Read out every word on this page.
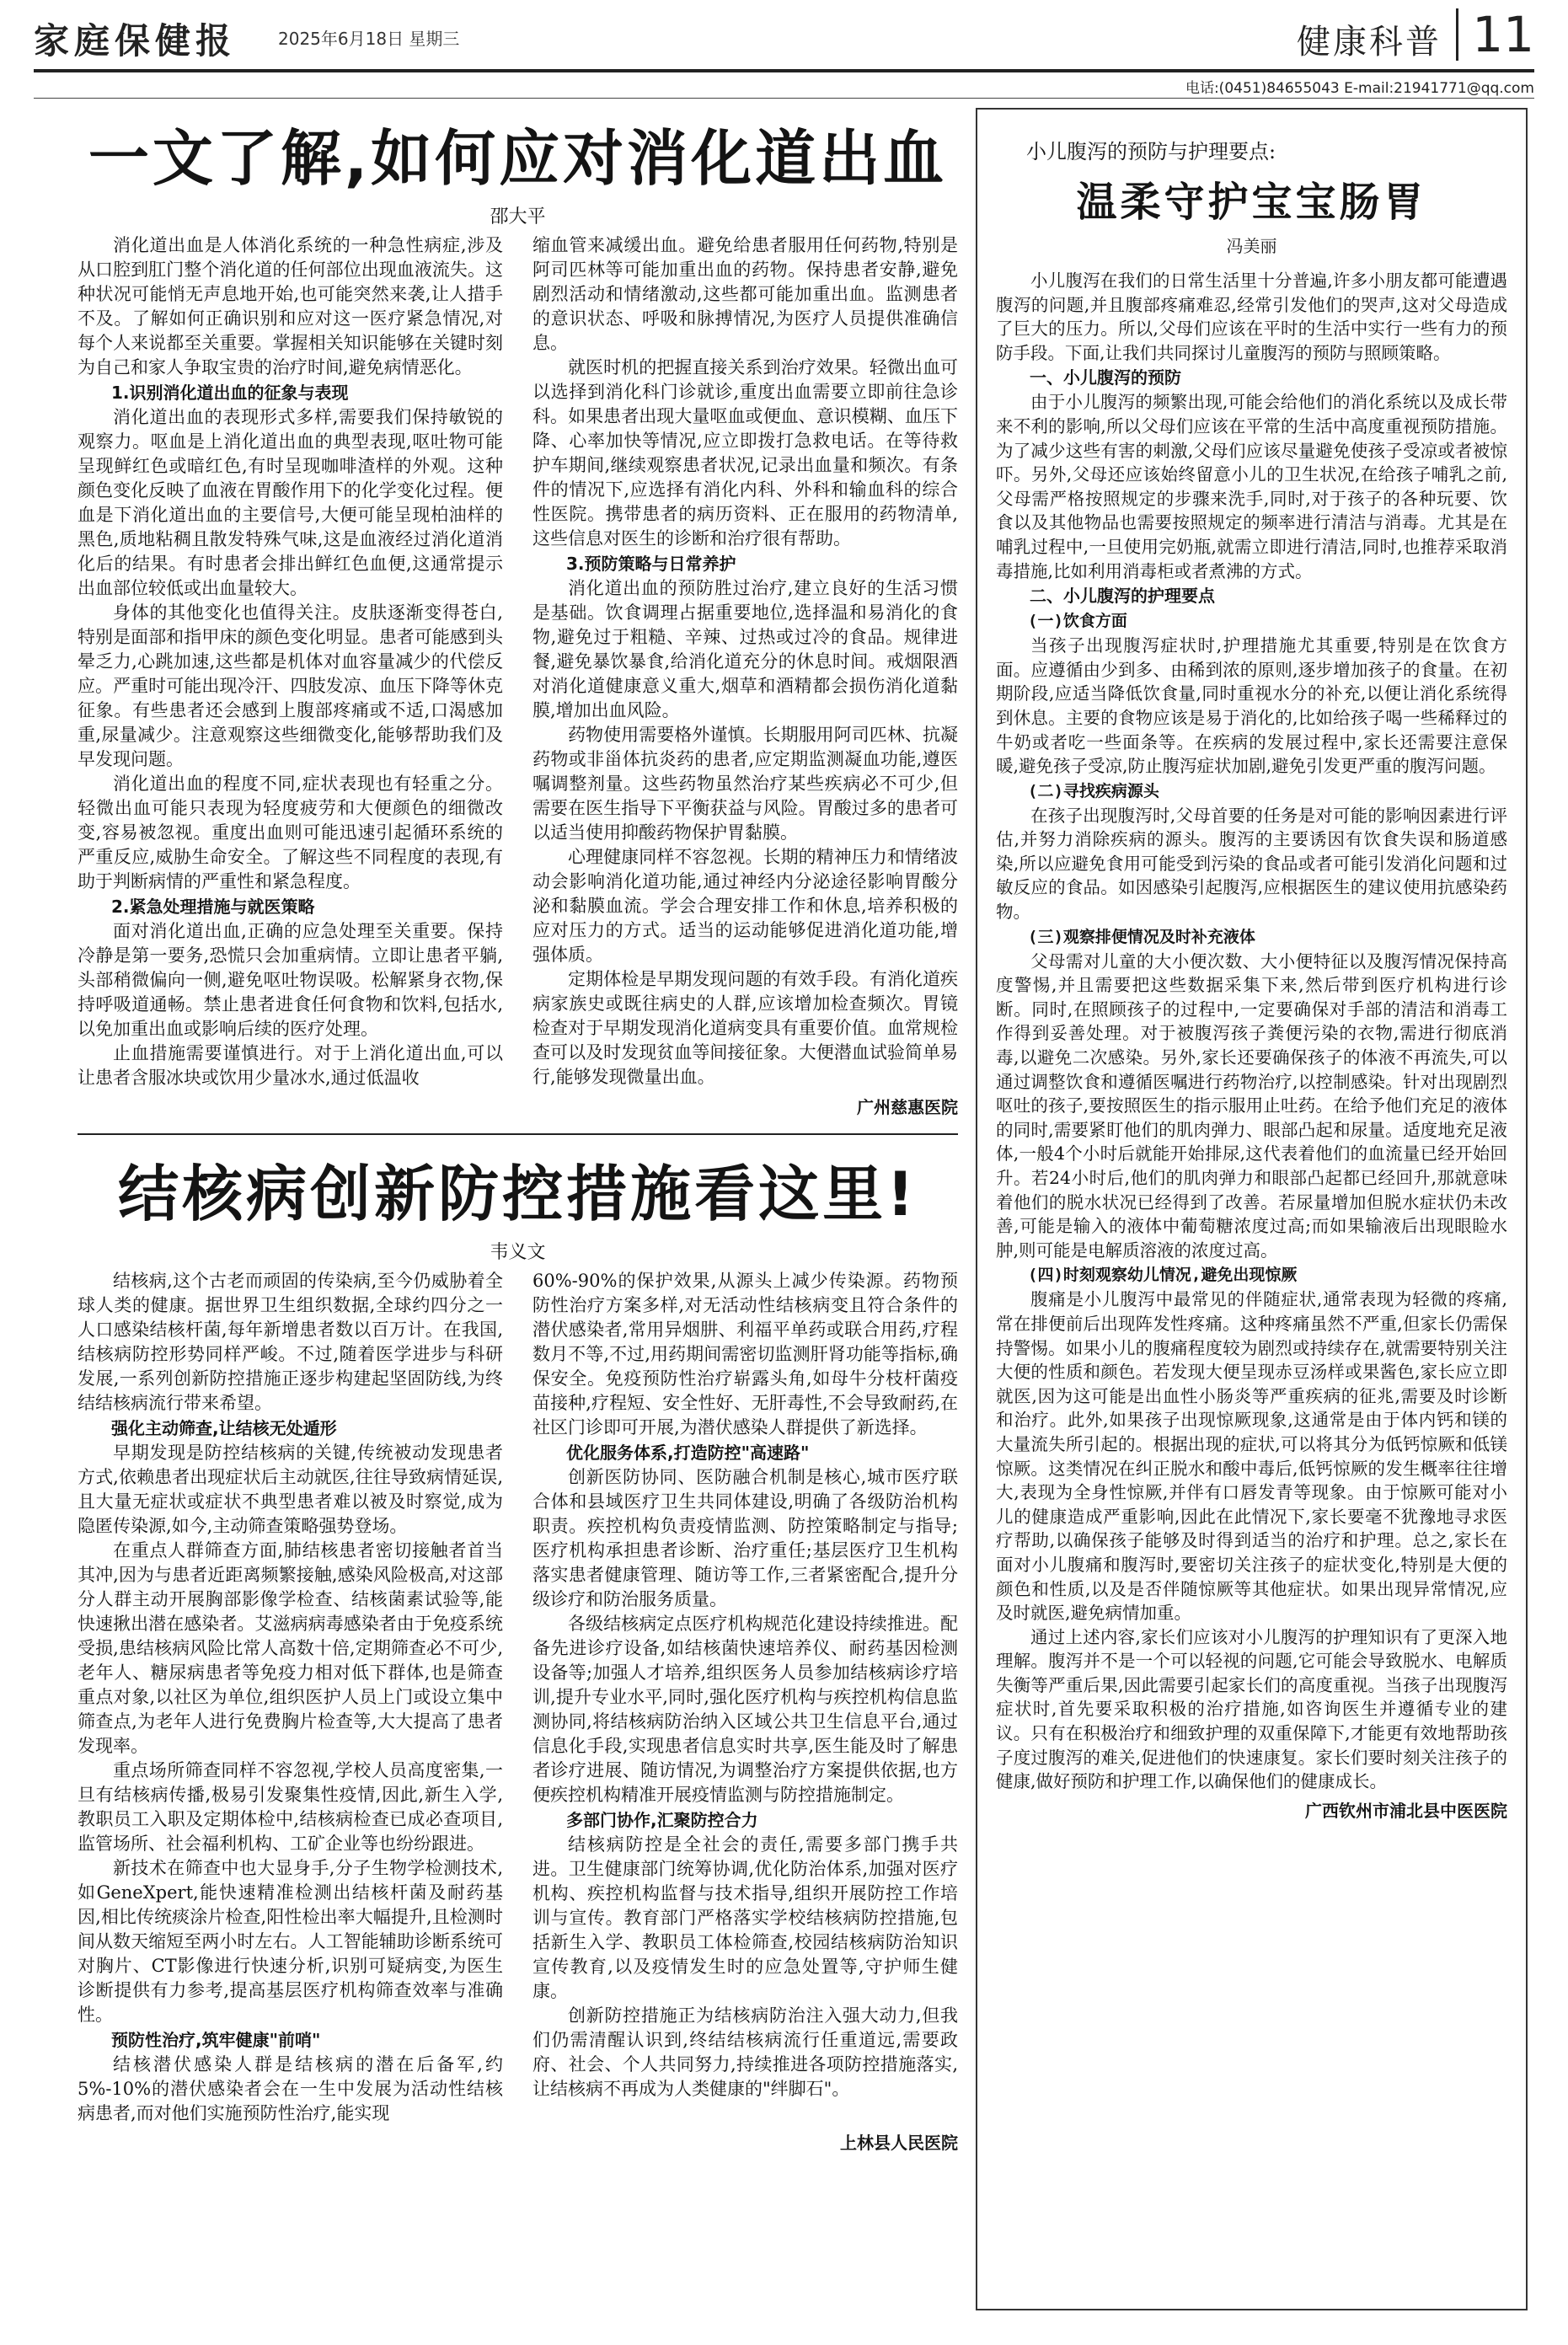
家庭保健报 2025年6月18日 星期三	健康科普 11
电话:(0451)84655043 E-mail:21941771@qq.com
一文了解,如何应对消化道出血
邵大平

消化道出血是人体消化系统的一种急性病症,涉及从口腔到肛门整个消化道的任何部位出现血液流失。这种状况可能悄无声息地开始,也可能突然来袭,让人措手不及。了解如何正确识别和应对这一医疗紧急情况,对每个人来说都至关重要。掌握相关知识能够在关键时刻为自己和家人争取宝贵的治疗时间,避免病情恶化。

1.识别消化道出血的征象与表现

消化道出血的表现形式多样,需要我们保持敏锐的观察力。呕血是上消化道出血的典型表现,呕吐物可能呈现鲜红色或暗红色,有时呈现咖啡渣样的外观。这种颜色变化反映了血液在胃酸作用下的化学变化过程。便血是下消化道出血的主要信号,大便可能呈现柏油样的黑色,质地粘稠且散发特殊气味,这是血液经过消化道消化后的结果。有时患者会排出鲜红色血便,这通常提示出血部位较低或出血量较大。

身体的其他变化也值得关注。皮肤逐渐变得苍白,特别是面部和指甲床的颜色变化明显。患者可能感到头晕乏力,心跳加速,这些都是机体对血容量减少的代偿反应。严重时可能出现冷汗、四肢发凉、血压下降等休克征象。有些患者还会感到上腹部疼痛或不适,口渴感加重,尿量减少。注意观察这些细微变化,能够帮助我们及早发现问题。

消化道出血的程度不同,症状表现也有轻重之分。轻微出血可能只表现为轻度疲劳和大便颜色的细微改变,容易被忽视。重度出血则可能迅速引起循环系统的严重反应,威胁生命安全。了解这些不同程度的表现,有助于判断病情的严重性和紧急程度。

2.紧急处理措施与就医策略

面对消化道出血,正确的应急处理至关重要。保持冷静是第一要务,恐慌只会加重病情。立即让患者平躺,头部稍微偏向一侧,避免呕吐物误吸。松解紧身衣物,保持呼吸道通畅。禁止患者进食任何食物和饮料,包括水,以免加重出血或影响后续的医疗处理。

止血措施需要谨慎进行。对于上消化道出血,可以让患者含服冰块或饮用少量冰水,通过低温收

缩血管来减缓出血。避免给患者服用任何药物,特别是阿司匹林等可能加重出血的药物。保持患者安静,避免剧烈活动和情绪激动,这些都可能加重出血。监测患者的意识状态、呼吸和脉搏情况,为医疗人员提供准确信息。

就医时机的把握直接关系到治疗效果。轻微出血可以选择到消化科门诊就诊,重度出血需要立即前往急诊科。如果患者出现大量呕血或便血、意识模糊、血压下降、心率加快等情况,应立即拨打急救电话。在等待救护车期间,继续观察患者状况,记录出血量和频次。有条件的情况下,应选择有消化内科、外科和输血科的综合性医院。携带患者的病历资料、正在服用的药物清单,这些信息对医生的诊断和治疗很有帮助。

3.预防策略与日常养护

消化道出血的预防胜过治疗,建立良好的生活习惯是基础。饮食调理占据重要地位,选择温和易消化的食物,避免过于粗糙、辛辣、过热或过冷的食品。规律进餐,避免暴饮暴食,给消化道充分的休息时间。戒烟限酒对消化道健康意义重大,烟草和酒精都会损伤消化道黏膜,增加出血风险。

药物使用需要格外谨慎。长期服用阿司匹林、抗凝药物或非甾体抗炎药的患者,应定期监测凝血功能,遵医嘱调整剂量。这些药物虽然治疗某些疾病必不可少,但需要在医生指导下平衡获益与风险。胃酸过多的患者可以适当使用抑酸药物保护胃黏膜。

心理健康同样不容忽视。长期的精神压力和情绪波动会影响消化道功能,通过神经内分泌途径影响胃酸分泌和黏膜血流。学会合理安排工作和休息,培养积极的应对压力的方式。适当的运动能够促进消化道功能,增强体质。

定期体检是早期发现问题的有效手段。有消化道疾病家族史或既往病史的人群,应该增加检查频次。胃镜检查对于早期发现消化道病变具有重要价值。血常规检查可以及时发现贫血等间接征象。大便潜血试验简单易行,能够发现微量出血。

广州慈惠医院
结核病创新防控措施看这里!
韦义文

结核病,这个古老而顽固的传染病,至今仍威胁着全球人类的健康。据世界卫生组织数据,全球约四分之一人口感染结核杆菌,每年新增患者数以百万计。在我国,结核病防控形势同样严峻。不过,随着医学进步与科研发展,一系列创新防控措施正逐步构建起坚固防线,为终结结核病流行带来希望。

强化主动筛查,让结核无处遁形

早期发现是防控结核病的关键,传统被动发现患者方式,依赖患者出现症状后主动就医,往往导致病情延误,且大量无症状或症状不典型患者难以被及时察觉,成为隐匿传染源,如今,主动筛查策略强势登场。

在重点人群筛查方面,肺结核患者密切接触者首当其冲,因为与患者近距离频繁接触,感染风险极高,对这部分人群主动开展胸部影像学检查、结核菌素试验等,能快速揪出潜在感染者。艾滋病病毒感染者由于免疫系统受损,患结核病风险比常人高数十倍,定期筛查必不可少,老年人、糖尿病患者等免疫力相对低下群体,也是筛查重点对象,以社区为单位,组织医护人员上门或设立集中筛查点,为老年人进行免费胸片检查等,大大提高了患者发现率。

重点场所筛查同样不容忽视,学校人员高度密集,一旦有结核病传播,极易引发聚集性疫情,因此,新生入学,教职员工入职及定期体检中,结核病检查已成必查项目,监管场所、社会福利机构、工矿企业等也纷纷跟进。

新技术在筛查中也大显身手,分子生物学检测技术,如GeneXpert,能快速精准检测出结核杆菌及耐药基因,相比传统痰涂片检查,阳性检出率大幅提升,且检测时间从数天缩短至两小时左右。人工智能辅助诊断系统可对胸片、CT影像进行快速分析,识别可疑病变,为医生诊断提供有力参考,提高基层医疗机构筛查效率与准确性。

预防性治疗,筑牢健康"前哨"

结核潜伏感染人群是结核病的潜在后备军,约5%-10%的潜伏感染者会在一生中发展为活动性结核病患者,而对他们实施预防性治疗,能实现

60%-90%的保护效果,从源头上减少传染源。药物预防性治疗方案多样,对无活动性结核病变且符合条件的潜伏感染者,常用异烟肼、利福平单药或联合用药,疗程数月不等,不过,用药期间需密切监测肝肾功能等指标,确保安全。免疫预防性治疗崭露头角,如母牛分枝杆菌疫苗接种,疗程短、安全性好、无肝毒性,不会导致耐药,在社区门诊即可开展,为潜伏感染人群提供了新选择。

优化服务体系,打造防控"高速路"

创新医防协同、医防融合机制是核心,城市医疗联合体和县域医疗卫生共同体建设,明确了各级防治机构职责。疾控机构负责疫情监测、防控策略制定与指导;医疗机构承担患者诊断、治疗重任;基层医疗卫生机构落实患者健康管理、随访等工作,三者紧密配合,提升分级诊疗和防治服务质量。

各级结核病定点医疗机构规范化建设持续推进。配备先进诊疗设备,如结核菌快速培养仪、耐药基因检测设备等;加强人才培养,组织医务人员参加结核病诊疗培训,提升专业水平,同时,强化医疗机构与疾控机构信息监测协同,将结核病防治纳入区域公共卫生信息平台,通过信息化手段,实现患者信息实时共享,医生能及时了解患者诊疗进展、随访情况,为调整治疗方案提供依据,也方便疾控机构精准开展疫情监测与防控措施制定。

多部门协作,汇聚防控合力

结核病防控是全社会的责任,需要多部门携手共进。卫生健康部门统筹协调,优化防治体系,加强对医疗机构、疾控机构监督与技术指导,组织开展防控工作培训与宣传。教育部门严格落实学校结核病防控措施,包括新生入学、教职员工体检筛查,校园结核病防治知识宣传教育,以及疫情发生时的应急处置等,守护师生健康。

创新防控措施正为结核病防治注入强大动力,但我们仍需清醒认识到,终结结核病流行任重道远,需要政府、社会、个人共同努力,持续推进各项防控措施落实,让结核病不再成为人类健康的"绊脚石"。

上林县人民医院
小儿腹泻的预防与护理要点:
温柔守护宝宝肠胃
冯美丽

小儿腹泻在我们的日常生活里十分普遍,许多小朋友都可能遭遇腹泻的问题,并且腹部疼痛难忍,经常引发他们的哭声,这对父母造成了巨大的压力。所以,父母们应该在平时的生活中实行一些有力的预防手段。下面,让我们共同探讨儿童腹泻的预防与照顾策略。

一、小儿腹泻的预防

由于小儿腹泻的频繁出现,可能会给他们的消化系统以及成长带来不利的影响,所以父母们应该在平常的生活中高度重视预防措施。为了减少这些有害的刺激,父母们应该尽量避免使孩子受凉或者被惊吓。另外,父母还应该始终留意小儿的卫生状况,在给孩子哺乳之前,父母需严格按照规定的步骤来洗手,同时,对于孩子的各种玩要、饮食以及其他物品也需要按照规定的频率进行清洁与消毒。尤其是在哺乳过程中,一旦使用完奶瓶,就需立即进行清洁,同时,也推荐采取消毒措施,比如利用消毒柜或者煮沸的方式。

二、小儿腹泻的护理要点

(一)饮食方面

当孩子出现腹泻症状时,护理措施尤其重要,特别是在饮食方面。应遵循由少到多、由稀到浓的原则,逐步增加孩子的食量。在初期阶段,应适当降低饮食量,同时重视水分的补充,以便让消化系统得到休息。主要的食物应该是易于消化的,比如给孩子喝一些稀释过的牛奶或者吃一些面条等。在疾病的发展过程中,家长还需要注意保暖,避免孩子受凉,防止腹泻症状加剧,避免引发更严重的腹泻问题。

(二)寻找疾病源头

在孩子出现腹泻时,父母首要的任务是对可能的影响因素进行评估,并努力消除疾病的源头。腹泻的主要诱因有饮食失误和肠道感染,所以应避免食用可能受到污染的食品或者可能引发消化问题和过敏反应的食品。如因感染引起腹泻,应根据医生的建议使用抗感染药物。

(三)观察排便情况及时补充液体

父母需对儿童的大小便次数、大小便特征以及腹泻情况保持高度警惕,并且需要把这些数据采集下来,然后带到医疗机构进行诊断。同时,在照顾孩子的过程中,一定要确保对手部的清洁和消毒工作得到妥善处理。对于被腹泻孩子粪便污染的衣物,需进行彻底消毒,以避免二次感染。另外,家长还要确保孩子的体液不再流失,可以通过调整饮食和遵循医嘱进行药物治疗,以控制感染。针对出现剧烈呕吐的孩子,要按照医生的指示服用止吐药。在给予他们充足的液体的同时,需要紧盯他们的肌肉弹力、眼部凸起和尿量。适度地充足液体,一般4个小时后就能开始排尿,这代表着他们的血流量已经开始回升。若24小时后,他们的肌肉弹力和眼部凸起都已经回升,那就意味着他们的脱水状况已经得到了改善。若尿量增加但脱水症状仍未改善,可能是输入的液体中葡萄糖浓度过高;而如果输液后出现眼睑水肿,则可能是电解质溶液的浓度过高。

(四)时刻观察幼儿情况,避免出现惊厥

腹痛是小儿腹泻中最常见的伴随症状,通常表现为轻微的疼痛,常在排便前后出现阵发性疼痛。这种疼痛虽然不严重,但家长仍需保持警惕。如果小儿的腹痛程度较为剧烈或持续存在,就需要特别关注大便的性质和颜色。若发现大便呈现赤豆汤样或果酱色,家长应立即就医,因为这可能是出血性小肠炎等严重疾病的征兆,需要及时诊断和治疗。此外,如果孩子出现惊厥现象,这通常是由于体内钙和镁的大量流失所引起的。根据出现的症状,可以将其分为低钙惊厥和低镁惊厥。这类情况在纠正脱水和酸中毒后,低钙惊厥的发生概率往往增大,表现为全身性惊厥,并伴有口唇发青等现象。由于惊厥可能对小儿的健康造成严重影响,因此在此情况下,家长要毫不犹豫地寻求医疗帮助,以确保孩子能够及时得到适当的治疗和护理。总之,家长在面对小儿腹痛和腹泻时,要密切关注孩子的症状变化,特别是大便的颜色和性质,以及是否伴随惊厥等其他症状。如果出现异常情况,应及时就医,避免病情加重。

通过上述内容,家长们应该对小儿腹泻的护理知识有了更深入地理解。腹泻并不是一个可以轻视的问题,它可能会导致脱水、电解质失衡等严重后果,因此需要引起家长们的高度重视。当孩子出现腹泻症状时,首先要采取积极的治疗措施,如咨询医生并遵循专业的建议。只有在积极治疗和细致护理的双重保障下,才能更有效地帮助孩子度过腹泻的难关,促进他们的快速康复。家长们要时刻关注孩子的健康,做好预防和护理工作,以确保他们的健康成长。

广西钦州市浦北县中医医院
